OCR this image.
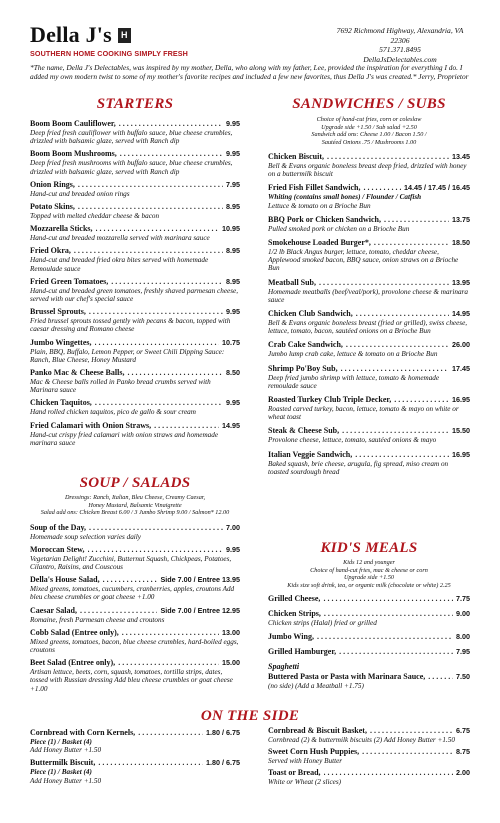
Della J's	H
SOUTHERN HOME COOKING SIMPLY FRESH
7692 Richmond Highway, Alexandria, VA 22306
571.371.8495
DellaJsDelectables.com
*The name, Della J's Delectables, was inspired by my mother, Della, who along with my father, Lee, provided the inspiration for everything I do. I added my own modern twist to some of my mother's favorite recipes and included a few new favorites, thus Della J's was created.* Jerry, Proprietor
STARTERS
Boom Boom Cauliflower, . . .	9.95
Deep fried fresh cauliflower with buffalo sauce, blue cheese crumbles, drizzled with balsamic glaze, served with Ranch dip
Boom Boom Mushrooms, . . .	9.95
Deep fried fresh mushrooms with buffalo sauce, blue cheese crumbles, drizzled with balsamic glaze, served with Ranch dip
Onion Rings, . . .	7.95
Hand-cut and breaded onion rings
Potato Skins, . . .	8.95
Topped with melted cheddar cheese & bacon
Mozzarella Sticks, . . .	10.95
Hand-cut and breaded mozzarella served with marinara sauce
Fried Okra, . . .	8.95
Hand-cut and breaded fried okra bites served with homemade Remoulade sauce
Fried Green Tomatoes, . . .	8.95
Hand-cut and breaded green tomatoes, freshly shaved parmesan cheese, served with our chef's special sauce
Brussel Sprouts, . . .	9.95
Fried brussel sprouts tossed gently with pecans & bacon, topped with caesar dressing and Romano cheese
Jumbo Wingettes, . . .	10.75
Plain, BBQ, Buffalo, Lemon Pepper, or Sweet Chili Dipping Sauce: Ranch, Blue Cheese, Honey Mustard
Panko Mac & Cheese Balls, . . .	8.50
Mac & Cheese balls rolled in Panko bread crumbs served with Marinara sauce
Chicken Taquitos, . . .	9.95
Hand rolled chicken taquitos, pico de gallo & sour cream
Fried Calamari with Onion Straws, . . .	14.95
Hand-cut crispy fried calamari with onion straws and homemade marinara sauce
SOUP / SALADS
Dressings: Ranch, Italian, Bleu Cheese, Creamy Caesar,
Honey Mustard, Balsamic Vinaigrette
Salad add ons: Chicken Breast 6.00 / 3 Jumbo Shrimp 9.00 / Salmon* 12.00
Soup of the Day, . . .	7.00
Homemade soup selection varies daily
Moroccan Stew, . . .	9.95
Vegetarian Delight! Zucchini, Butternut Squash, Chickpeas, Potatoes, Cilantro, Raisins, and Couscous
Della's House Salad, . . .	Side 7.00 / Entree 13.95
Mixed greens, tomatoes, cucumbers, cranberries, apples, croutons Add bleu cheese crumbles or goat cheese +1.00
Caesar Salad, . . .	Side 7.00 / Entree 12.95
Romaine, fresh Parmesan cheese and croutons
Cobb Salad (Entree only), . . .	13.00
Mixed greens, tomatoes, bacon, blue cheese crumbles, hard-boiled eggs, croutons
Beet Salad (Entree only), . . .	15.00
Artisan lettuce, beets, corn, squash, tomatoes, tortilla strips, dates, tossed with Russian dressing Add bleu cheese crumbles or goat cheese +1.00
SANDWICHES / SUBS
Choice of hand-cut fries, corn or coleslaw
Upgrade side +1.50 / Sub salad +2.50
Sandwich add ons: Cheese 1.00 / Bacon 1.50 /
Sautéed Onions .75 / Mushrooms 1.00
Chicken Biscuit, . . .	13.45
Bell & Evans organic boneless breast deep fried, drizzled with honey on a buttermilk biscuit
Fried Fish Fillet Sandwich, . . .	14.45 / 17.45 / 16.45
Whiting (contains small bones) / Flounder / Catfish
Lettuce & tomato on a Brioche Bun
BBQ Pork or Chicken Sandwich, . . .	13.75
Pulled smoked pork or chicken on a Brioche Bun
Smokehouse Loaded Burger*, . . .	18.50
1/2 lb Black Angus burger, lettuce, tomato, cheddar cheese, Applewood smoked bacon, BBQ sauce, onion straws on a Brioche Bun
Meatball Sub, . . .	13.95
Homemade meatballs (beef/veal/pork), provolone cheese & marinara sauce
Chicken Club Sandwich, . . .	14.95
Bell & Evans organic boneless breast (fried or grilled), swiss cheese, lettuce, tomato, bacon, sautéed onions on a Brioche Bun
Crab Cake Sandwich, . . .	26.00
Jumbo lump crab cake, lettuce & tomato on a Brioche Bun
Shrimp Po'Boy Sub, . . .	17.45
Deep fried jumbo shrimp with lettuce, tomato & homemade remoulade sauce
Roasted Turkey Club Triple Decker, . . .	16.95
Roasted carved turkey, bacon, lettuce, tomato & mayo on white or wheat toast
Steak & Cheese Sub, . . .	15.50
Provolone cheese, lettuce, tomato, sautéed onions & mayo
Italian Veggie Sandwich, . . .	16.95
Baked squash, brie cheese, arugula, fig spread, miso cream on toasted sourdough bread
KID'S MEALS
Kids 12 and younger
Choice of hand-cut fries, mac & cheese or corn
Upgrade side +1.50
Kids size soft drink, tea, or organic milk (chocolate or white) 2.25
Grilled Cheese, . . .	7.75
Chicken Strips, . . .	9.00
Chicken strips (Halal) fried or grilled
Jumbo Wing, . . .	8.00
Grilled Hamburger, . . .	7.95
Spaghetti
Buttered Pasta or Pasta with Marinara Sauce, . . .	7.50
(no side) (Add a Meatball +1.75)
ON THE SIDE
Cornbread with Corn Kernels, . . .	1.80 / 6.75
Piece (1) / Basket (4)
Add Honey Butter +1.50
Buttermilk Biscuit, . . .	1.80 / 6.75
Piece (1) / Basket (4)
Add Honey Butter +1.50
Cornbread & Biscuit Basket, . . .	6.75
Cornbread (2) & buttermilk biscuits (2) Add Honey Butter +1.50
Sweet Corn Hush Puppies, . . .	8.75
Served with Honey Butter
Toast or Bread, . . .	2.00
White or Wheat (2 slices)
